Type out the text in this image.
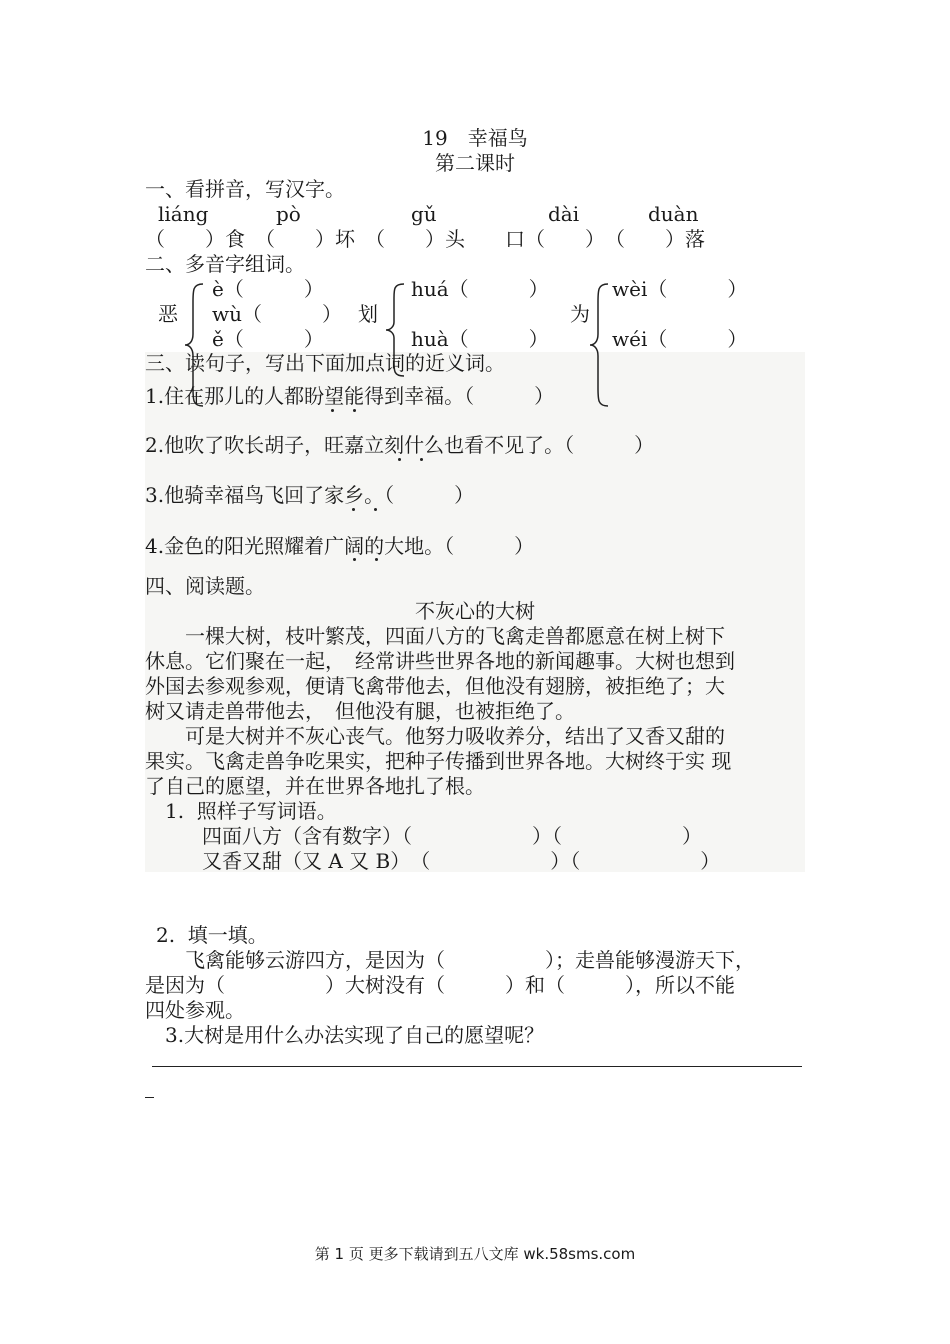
19　幸福鸟
第二课时
一、看拼音，写汉字。
liáng	pò	gǔ	dài	duàn
（　　）食　（　　）坏　（　　）头　　口（　　）　（　　）落
二、多音字组词。
恶
è（　　　）
wù（　　　）
ě（　　　）
划
huá（　　　）
huà（　　　）
为
wèi（　　　）
wéi（　　　）
三、读句子，写出下面加点词的近义词。
1.住在那儿的人都盼望能得到幸福。（　　　）
2.他吹了吹长胡子，旺嘉立刻什么也看不见了。（　　　）
3.他骑幸福鸟飞回了家乡。（　　　）
4.金色的阳光照耀着广阔的大地。（　　　）
四、阅读题。
不灰心的大树
　　一棵大树，枝叶繁茂，四面八方的飞禽走兽都愿意在树上树下
休息。它们聚在一起，　经常讲些世界各地的新闻趣事。大树也想到
外国去参观参观，便请飞禽带他去，但他没有翅膀，被拒绝了；大
树又请走兽带他去，　但他没有腿，也被拒绝了。
　　可是大树并不灰心丧气。他努力吸收养分，结出了又香又甜的
果实。飞禽走兽争吃果实，把种子传播到世界各地。大树终于实 现
了自己的愿望，并在世界各地扎了根。
1.  照样子写词语。
四面八方（含有数字）（　　　　　　）（　　　　　　）
又香又甜（又 A 又 B）　（　　　　　　）（　　　　　　）
2.  填一填。
　　飞禽能够云游四方，是因为（　　　　　）；走兽能够漫游天下，
是因为（　　　　　）大树没有（　　　）和（　　　），所以不能
四处参观。
3.大树是用什么办法实现了自己的愿望呢？
第 1 页 更多下载请到五八文库 wk.58sms.com
